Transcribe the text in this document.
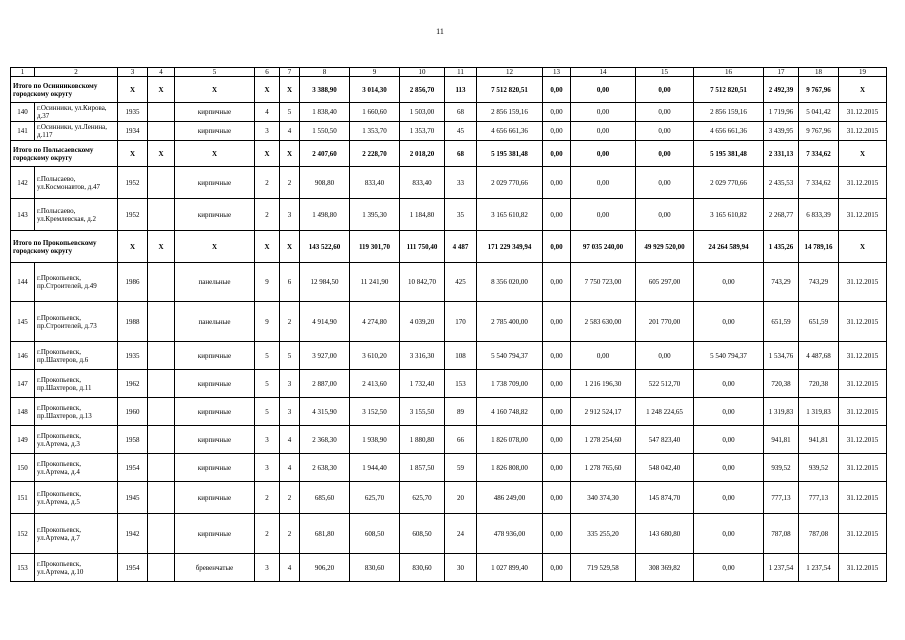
11
1	2	3	4	5	6	7	8	9	10	11	12	13	14	15	16	17	18	19
Итого по Осинниковскому городскому округу		X	X	X	X	X	3 388,90	3 014,30	2 856,70	113	7 512 820,51	0,00	0,00	0,00	7 512 820,51	2 492,39	9 767,96	X
140	г.Осинники, ул.Кирова, д.37	1935		кирпичные	4	5	1 838,40	1 660,60	1 503,00	68	2 856 159,16	0,00	0,00	0,00	2 856 159,16	1 719,96	5 041,42	31.12.2015
141	г.Осинники, ул.Ленина, д.117	1934		кирпичные	3	4	1 550,50	1 353,70	1 353,70	45	4 656 661,36	0,00	0,00	0,00	4 656 661,36	3 439,95	9 767,96	31.12.2015
Итого по Полысаевскому городскому округу		X	X	X	X	X	2 407,60	2 228,70	2 018,20	68	5 195 381,48	0,00	0,00	0,00	5 195 381,48	2 331,13	7 334,62	X
142	г.Полысаево, ул.Космонавтов, д.47	1952		кирпичные	2	2	908,80	833,40	833,40	33	2 029 770,66	0,00	0,00	0,00	2 029 770,66	2 435,53	7 334,62	31.12.2015
143	г.Полысаево, ул.Кремлевская, д.2	1952		кирпичные	2	3	1 498,80	1 395,30	1 184,80	35	3 165 610,82	0,00	0,00	0,00	3 165 610,82	2 268,77	6 833,39	31.12.2015
Итого по Прокопьевскому городскому округу		X	X	X	X	X	143 522,60	119 301,70	111 750,40	4 487	171 229 349,94	0,00	97 035 240,00	49 929 520,00	24 264 589,94	1 435,26	14 789,16	X
144	г.Прокопьевск, пр.Строителей, д.49	1986		панельные	9	6	12 984,50	11 241,90	10 842,70	425	8 356 020,00	0,00	7 750 723,00	605 297,00	0,00	743,29	743,29	31.12.2015
145	г.Прокопьевск, пр.Строителей, д.73	1988		панельные	9	2	4 914,90	4 274,80	4 039,20	170	2 785 400,00	0,00	2 583 630,00	201 770,00	0,00	651,59	651,59	31.12.2015
146	г.Прокопьевск, пр.Шахтеров, д.6	1935		кирпичные	5	5	3 927,00	3 610,20	3 316,30	108	5 540 794,37	0,00	0,00	0,00	5 540 794,37	1 534,76	4 487,68	31.12.2015
147	г.Прокопьевск, пр.Шахтеров, д.11	1962		кирпичные	5	3	2 887,00	2 413,60	1 732,40	153	1 738 709,00	0,00	1 216 196,30	522 512,70	0,00	720,38	720,38	31.12.2015
148	г.Прокопьевск, пр.Шахтеров, д.13	1960		кирпичные	5	3	4 315,90	3 152,50	3 155,50	89	4 160 748,82	0,00	2 912 524,17	1 248 224,65	0,00	1 319,83	1 319,83	31.12.2015
149	г.Прокопьевск, ул.Артема, д.3	1958		кирпичные	3	4	2 368,30	1 938,90	1 880,80	66	1 826 078,00	0,00	1 278 254,60	547 823,40	0,00	941,81	941,81	31.12.2015
150	г.Прокопьевск, ул.Артема, д.4	1954		кирпичные	3	4	2 638,30	1 944,40	1 857,50	59	1 826 808,00	0,00	1 278 765,60	548 042,40	0,00	939,52	939,52	31.12.2015
151	г.Прокопьевск, ул.Артема, д.5	1945		кирпичные	2	2	685,60	625,70	625,70	20	486 249,00	0,00	340 374,30	145 874,70	0,00	777,13	777,13	31.12.2015
152	г.Прокопьевск, ул.Артема, д.7	1942		кирпичные	2	2	681,80	608,50	608,50	24	478 936,00	0,00	335 255,20	143 680,80	0,00	787,08	787,08	31.12.2015
153	г.Прокопьевск, ул.Артема, д.10	1954		бревенчатые	3	4	906,20	830,60	830,60	30	1 027 899,40	0,00	719 529,58	308 369,82	0,00	1 237,54	1 237,54	31.12.2015
